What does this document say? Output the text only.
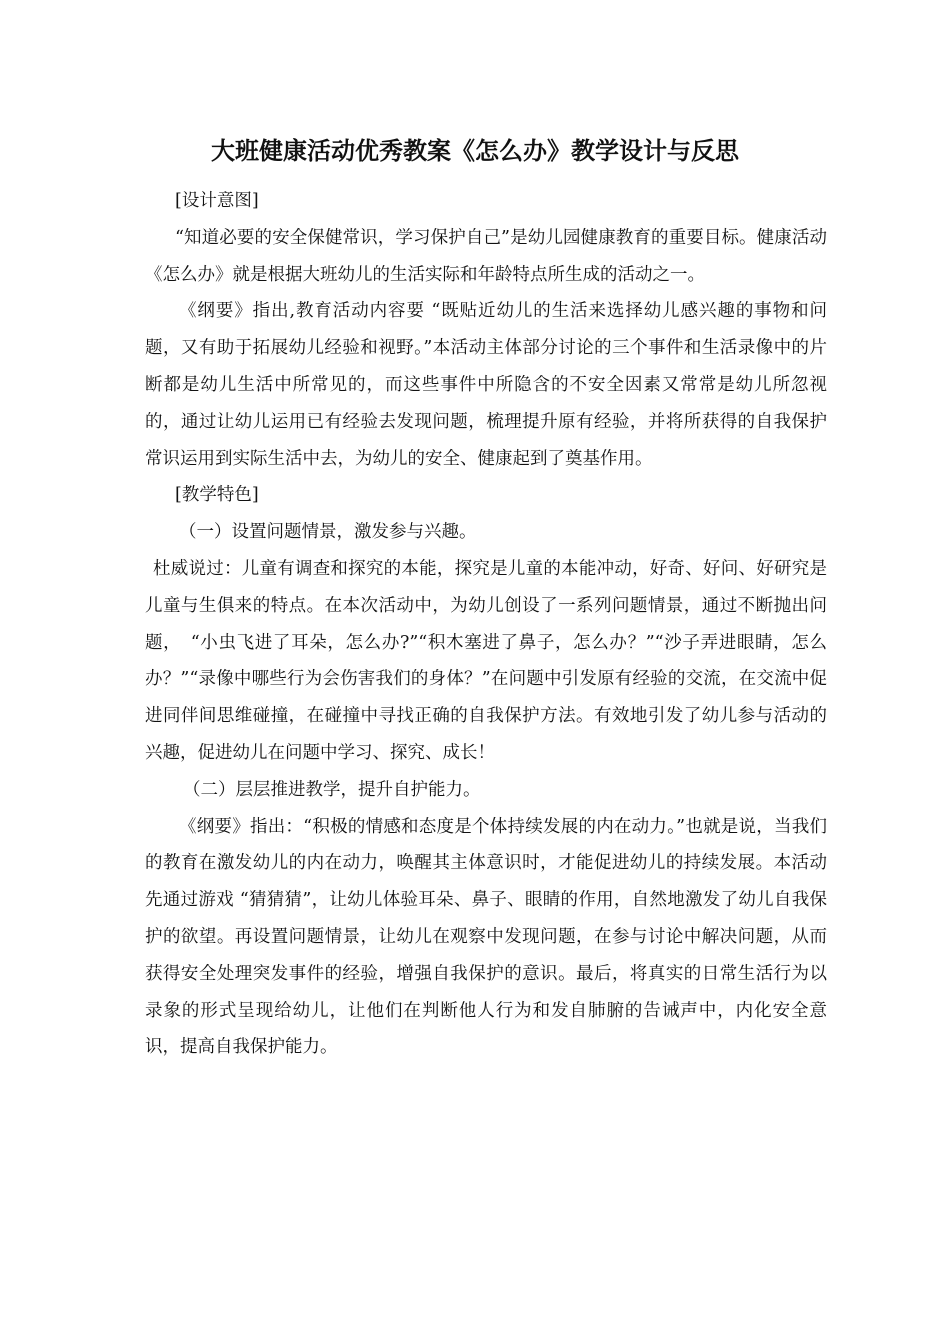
大班健康活动优秀教案《怎么办》教学设计与反思

[设计意图]

“知道必要的安全保健常识，学习保护自己”是幼儿园健康教育的重要目标。健康活动《怎么办》就是根据大班幼儿的生活实际和年龄特点所生成的活动之一。

《纲要》指出,教育活动内容要 “既贴近幼儿的生活来选择幼儿感兴趣的事物和问题，又有助于拓展幼儿经验和视野。”本活动主体部分讨论的三个事件和生活录像中的片断都是幼儿生活中所常见的，而这些事件中所隐含的不安全因素又常常是幼儿所忽视的，通过让幼儿运用已有经验去发现问题，梳理提升原有经验，并将所获得的自我保护常识运用到实际生活中去，为幼儿的安全、健康起到了奠基作用。

[教学特色]

（一）设置问题情景，激发参与兴趣。

杜威说过：儿童有调查和探究的本能，探究是儿童的本能冲动，好奇、好问、好研究是儿童与生俱来的特点。在本次活动中，为幼儿创设了一系列问题情景，通过不断抛出问题，　“小虫飞进了耳朵，怎么办?”“积木塞进了鼻子，怎么办？”“沙子弄进眼睛，怎么办？”“录像中哪些行为会伤害我们的身体？”在问题中引发原有经验的交流，在交流中促进同伴间思维碰撞，在碰撞中寻找正确的自我保护方法。有效地引发了幼儿参与活动的兴趣，促进幼儿在问题中学习、探究、成长！

（二）层层推进教学，提升自护能力。

《纲要》指出：“积极的情感和态度是个体持续发展的内在动力。”也就是说，当我们的教育在激发幼儿的内在动力，唤醒其主体意识时，才能促进幼儿的持续发展。本活动　　先通过游戏 “猜猜猜”，让幼儿体验耳朵、鼻子、眼睛的作用，自然地激发了幼儿自我保护的欲望。再设置问题情景，让幼儿在观察中发现问题，在参与讨论中解决问题，从而获得安全处理突发事件的经验，增强自我保护的意识。最后，将真实的日常生活行为以录象的形式呈现给幼儿，让他们在判断他人行为和发自肺腑的告诫声中，内化安全意识，提高自我保护能力。
